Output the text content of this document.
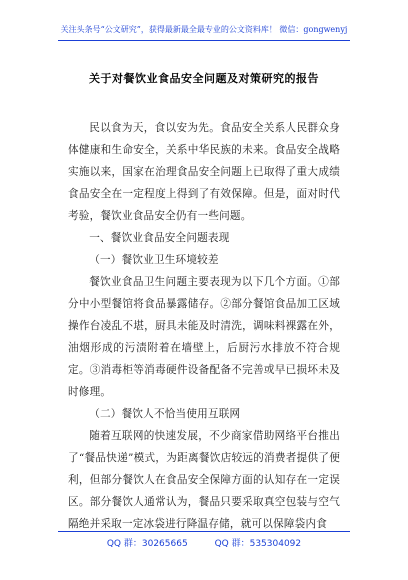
关注头条号“公文研究”，获得最新最全最专业的公文资料库！ 微信：gongwenyj
关于对餐饮业食品安全问题及对策研究的报告

民以食为天，食以安为先。食品安全关系人民群众身体健康和生命安全，关系中华民族的未来。食品安全战略实施以来，国家在治理食品安全问题上已取得了重大成绩食品安全在一定程度上得到了有效保障。但是，面对时代考验，餐饮业食品安全仍有一些问题。

一、餐饮业食品安全问题表现

（一）餐饮业卫生环境较差

餐饮业食品卫生问题主要表现为以下几个方面。①部分中小型餐馆将食品暴露储存。②部分餐馆食品加工区域操作台凌乱不堪，厨具未能及时清洗，调味料裸露在外，油烟形成的污渍附着在墙壁上，后厨污水排放不符合规定。③消毒柜等消毒硬件设备配备不完善或早已损坏未及时修理。

（二）餐饮人不恰当使用互联网

随着互联网的快速发展，不少商家借助网络平台推出了“餐品快递”模式，为距离餐饮店较远的消费者提供了便利，但部分餐饮人在食品安全保障方面的认知存在一定误区。部分餐饮人通常认为，餐品只要采取真空包装与空气隔绝并采取一定冰袋进行降温存储，就可以保障袋内食

QQ 群：30265665	QQ 群：535304092
